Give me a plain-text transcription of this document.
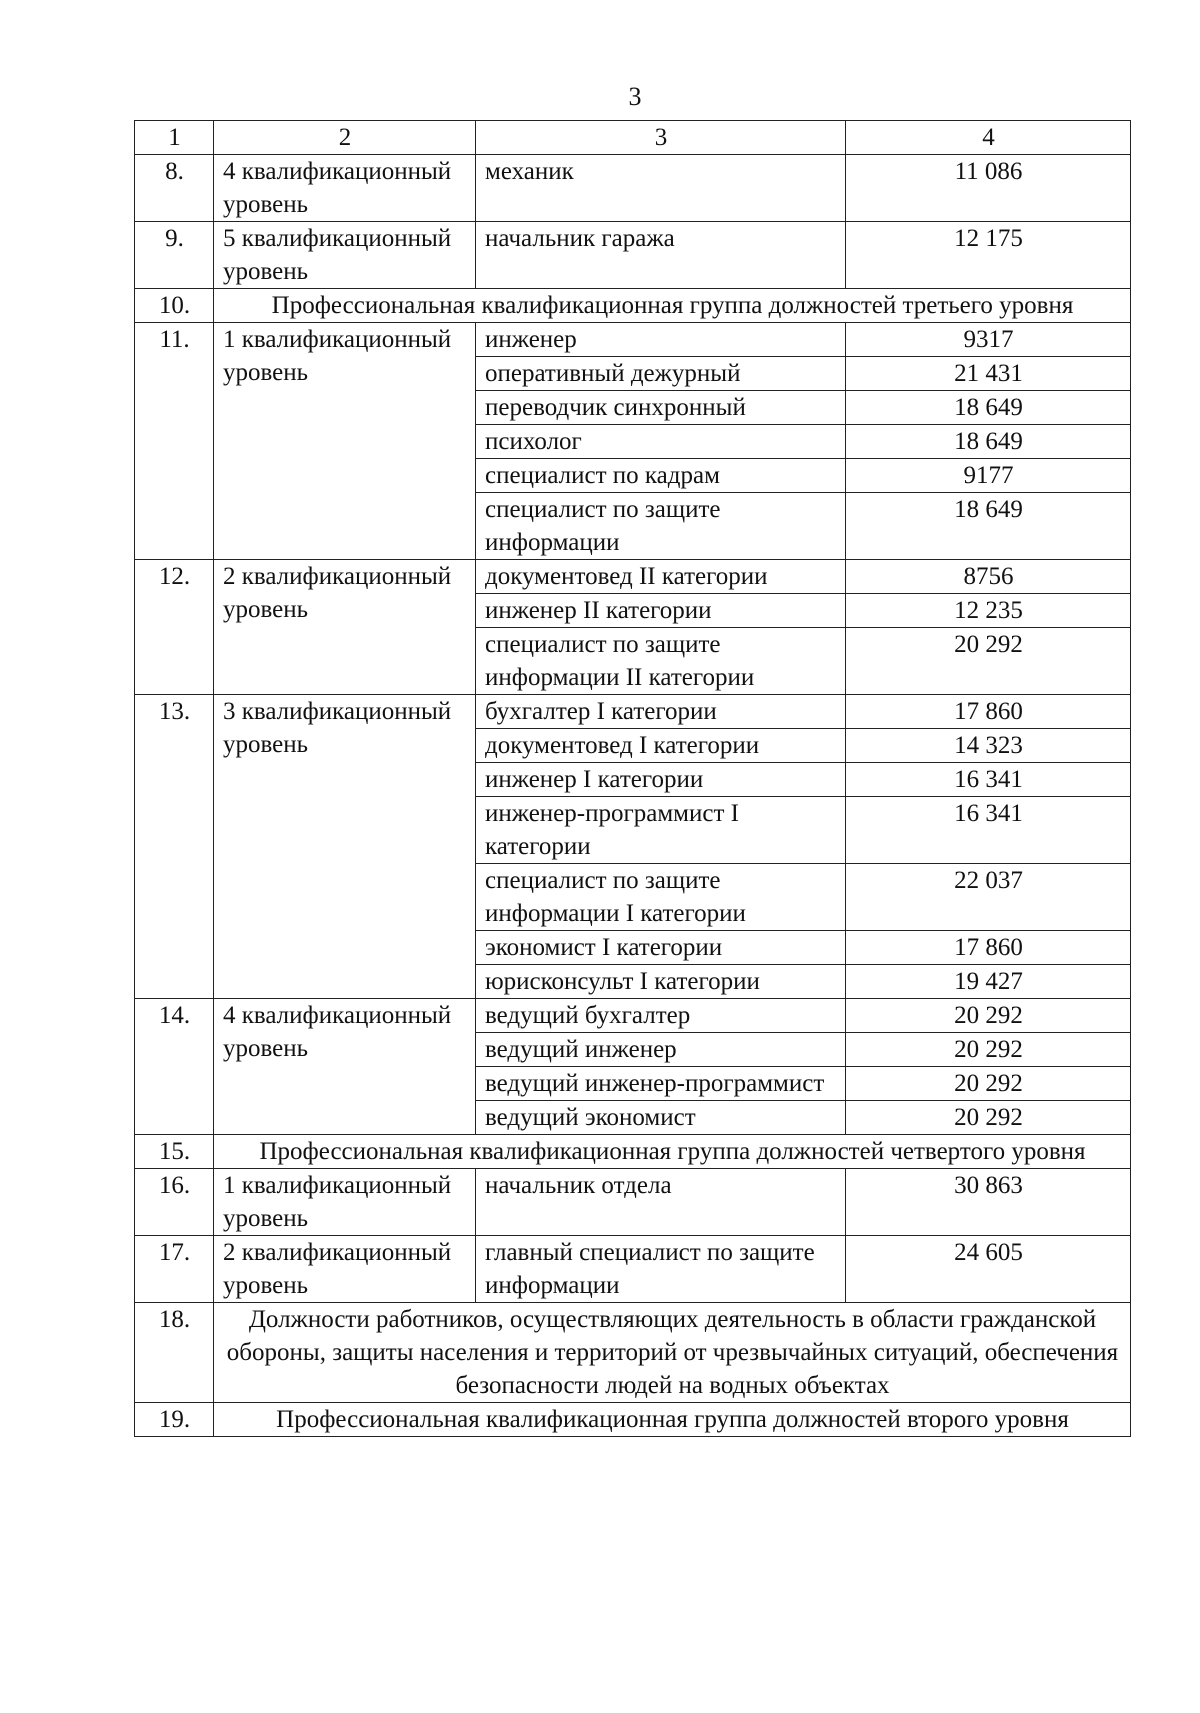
3
1	2	3	4
8.	4 квалификационный уровень	механик	11 086
9.	5 квалификационный уровень	начальник гаража	12 175
10.	Профессиональная квалификационная группа должностей третьего уровня		
11.	1 квалификационный уровень	инженер	9317
		оперативный дежурный	21 431
		переводчик синхронный	18 649
		психолог	18 649
		специалист по кадрам	9177
		специалист по защите информации	18 649
12.	2 квалификационный уровень	документовед II категории	8756
		инженер II категории	12 235
		специалист по защите информации II категории	20 292
13.	3 квалификационный уровень	бухгалтер I категории	17 860
		документовед I категории	14 323
		инженер I категории	16 341
		инженер-программист I категории	16 341
		специалист по защите информации I категории	22 037
		экономист I категории	17 860
		юрисконсульт I категории	19 427
14.	4 квалификационный уровень	ведущий бухгалтер	20 292
		ведущий инженер	20 292
		ведущий инженер-программист	20 292
		ведущий экономист	20 292
15.	Профессиональная квалификационная группа должностей четвертого уровня		
16.	1 квалификационный уровень	начальник отдела	30 863
17.	2 квалификационный уровень	главный специалист по защите информации	24 605
18.	Должности работников, осуществляющих деятельность в области гражданской обороны, защиты населения и территорий от чрезвычайных ситуаций, обеспечения безопасности людей на водных объектах		
19.	Профессиональная квалификационная группа должностей второго уровня		
